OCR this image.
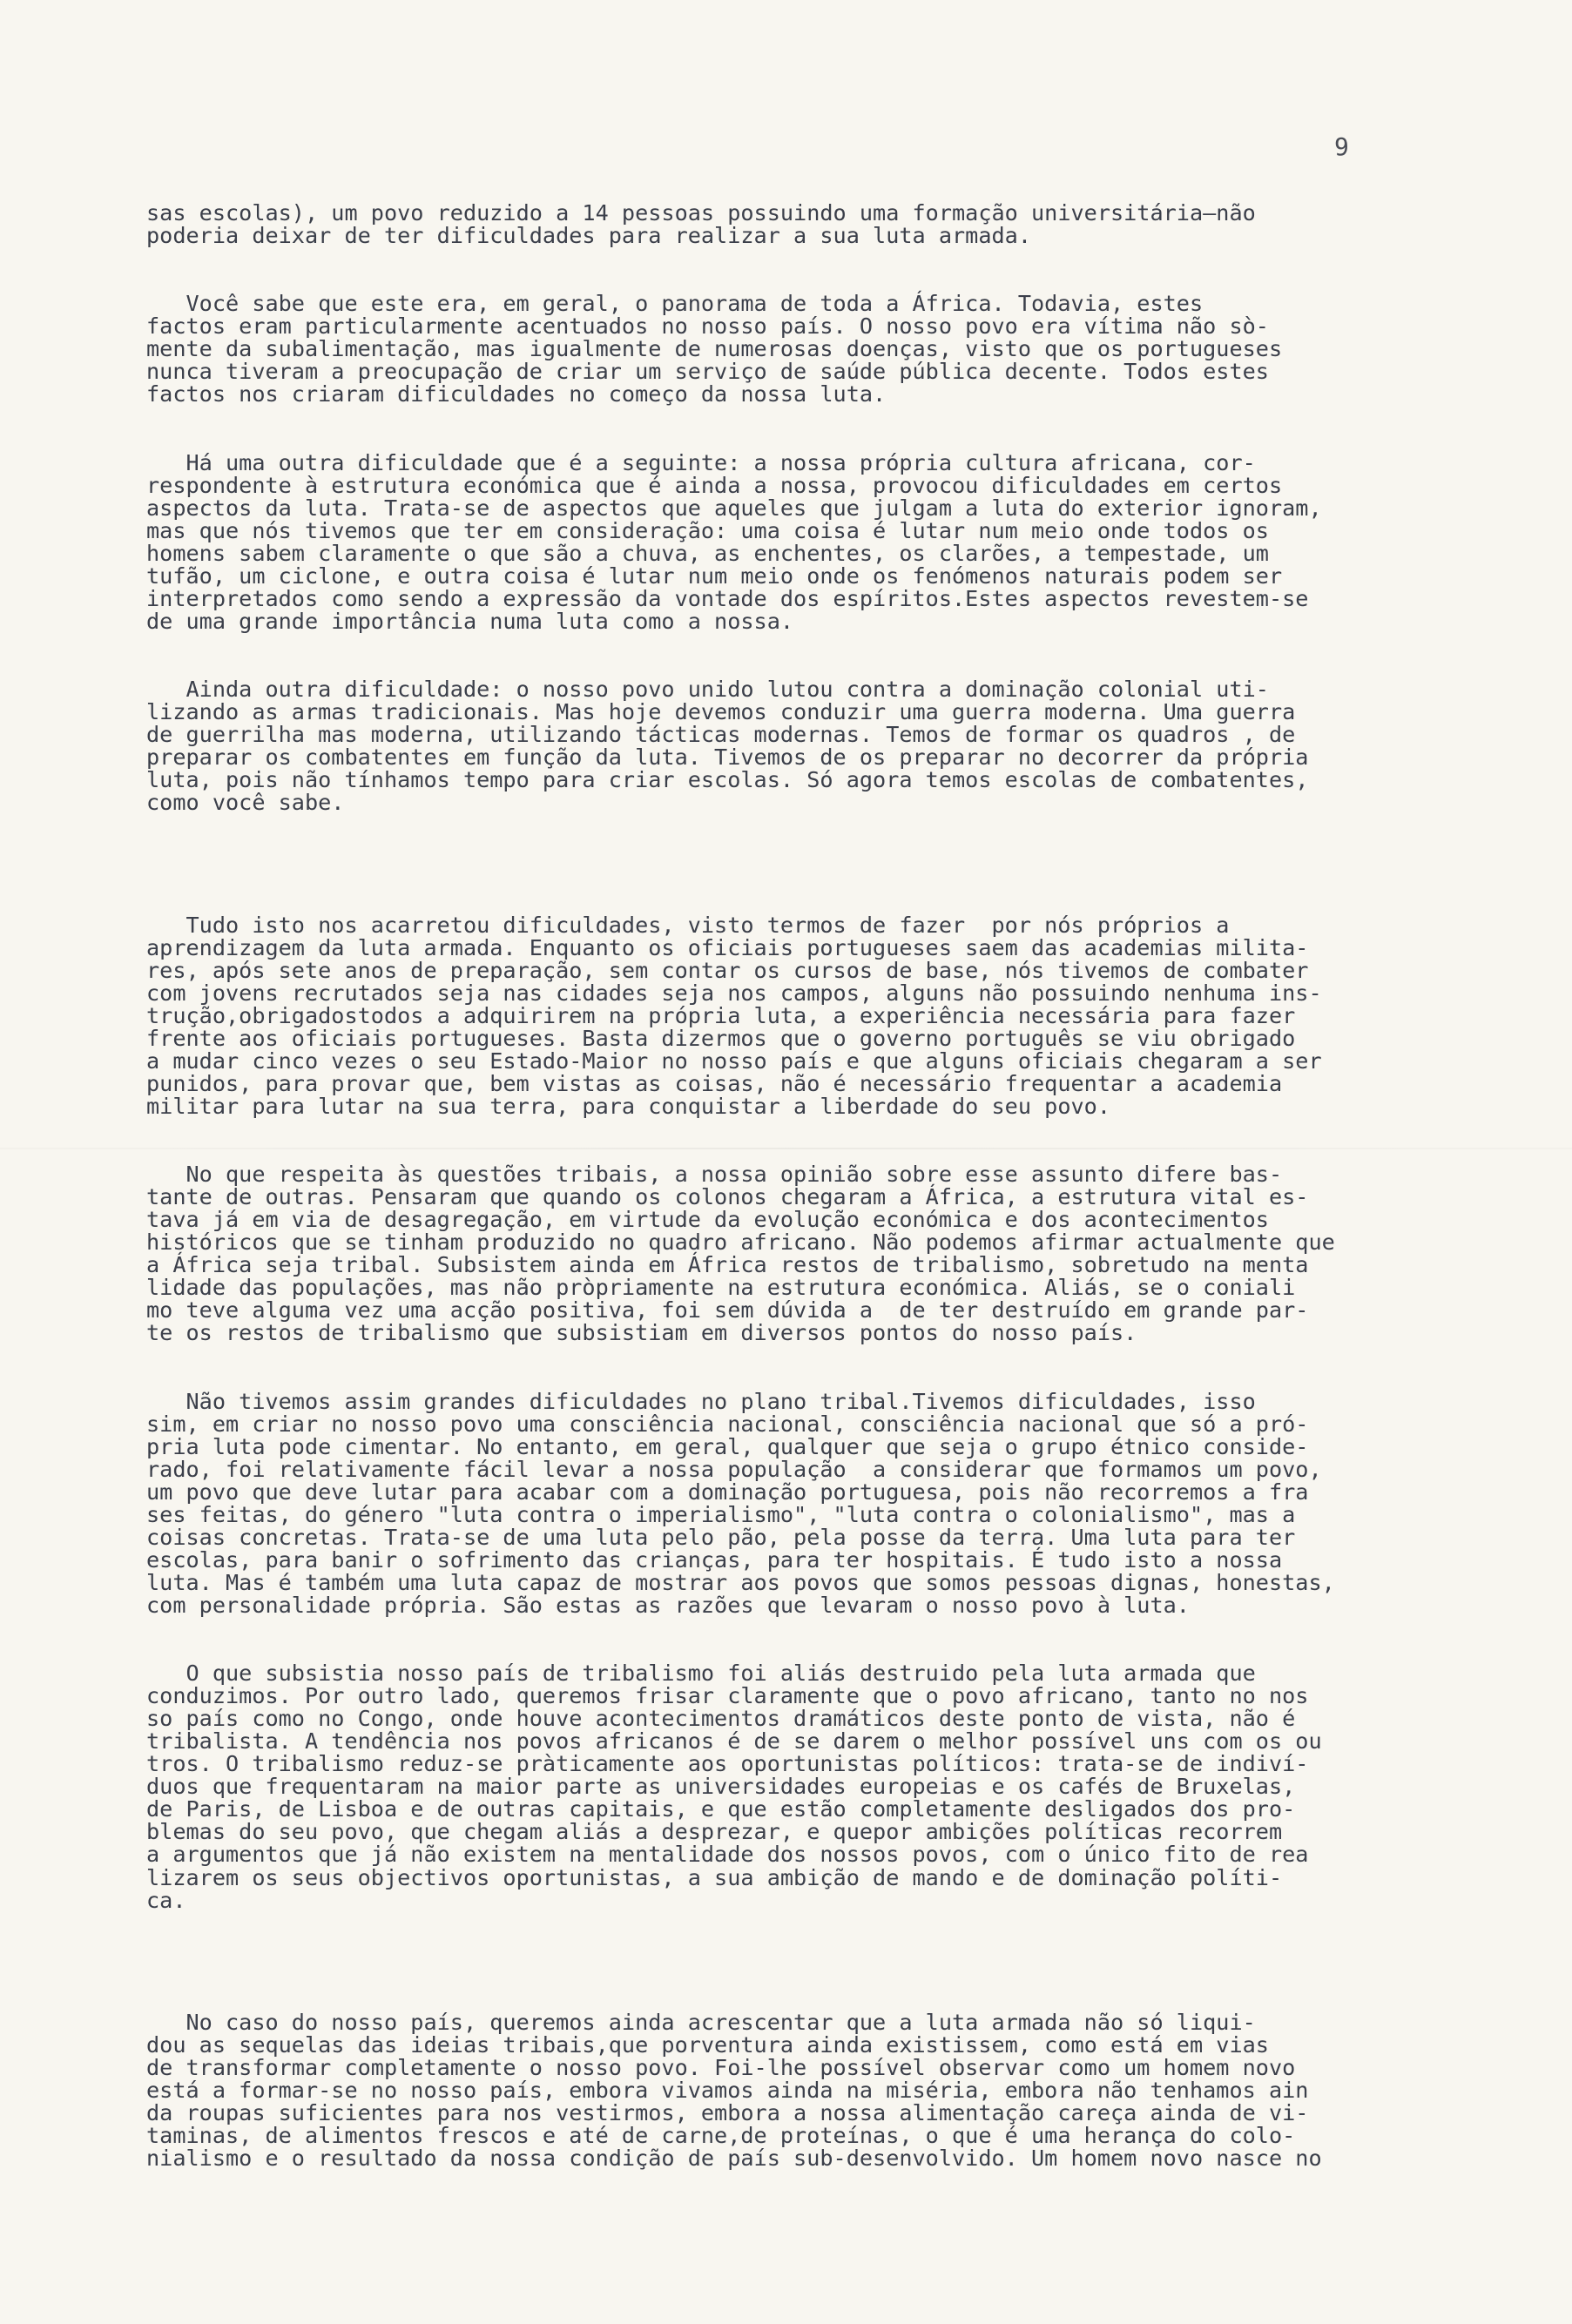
9

sas escolas), um povo reduzido a 14 pessoas possuindo uma formação universitária—não
poderia deixar de ter dificuldades para realizar a sua luta armada.

Você sabe que este era, em geral, o panorama de toda a África. Todavia, estes
factos eram particularmente acentuados no nosso país. O nosso povo era vítima não sò-
mente da subalimentação, mas igualmente de numerosas doenças, visto que os portugueses
nunca tiveram a preocupação de criar um serviço de saúde pública decente. Todos estes
factos nos criaram dificuldades no começo da nossa luta.

Há uma outra dificuldade que é a seguinte: a nossa própria cultura africana, cor-
respondente à estrutura económica que é ainda a nossa, provocou dificuldades em certos
aspectos da luta. Trata-se de aspectos que aqueles que julgam a luta do exterior ignoram,
mas que nós tivemos que ter em consideração: uma coisa é lutar num meio onde todos os
homens sabem claramente o que são a chuva, as enchentes, os clarões, a tempestade, um
tufão, um ciclone, e outra coisa é lutar num meio onde os fenómenos naturais podem ser
interpretados como sendo a expressão da vontade dos espíritos.Estes aspectos revestem-se
de uma grande importância numa luta como a nossa.

Ainda outra dificuldade: o nosso povo unido lutou contra a dominação colonial uti-
lizando as armas tradicionais. Mas hoje devemos conduzir uma guerra moderna. Uma guerra
de guerrilha mas moderna, utilizando tácticas modernas. Temos de formar os quadros , de
preparar os combatentes em função da luta. Tivemos de os preparar no decorrer da própria
luta, pois não tínhamos tempo para criar escolas. Só agora temos escolas de combatentes,
como você sabe.

Tudo isto nos acarretou dificuldades, visto termos de fazer  por nós próprios a
aprendizagem da luta armada. Enquanto os oficiais portugueses saem das academias milita-
res, após sete anos de preparação, sem contar os cursos de base, nós tivemos de combater
com jovens recrutados seja nas cidades seja nos campos, alguns não possuindo nenhuma ins-
trução,obrigadostodos a adquirirem na própria luta, a experiência necessária para fazer
frente aos oficiais portugueses. Basta dizermos que o governo português se viu obrigado
a mudar cinco vezes o seu Estado-Maior no nosso país e que alguns oficiais chegaram a ser
punidos, para provar que, bem vistas as coisas, não é necessário frequentar a academia
militar para lutar na sua terra, para conquistar a liberdade do seu povo.

No que respeita às questões tribais, a nossa opinião sobre esse assunto difere bas-
tante de outras. Pensaram que quando os colonos chegaram a África, a estrutura vital es-
tava já em via de desagregação, em virtude da evolução económica e dos acontecimentos
históricos que se tinham produzido no quadro africano. Não podemos afirmar actualmente que
a África seja tribal. Subsistem ainda em África restos de tribalismo, sobretudo na menta
lidade das populações, mas não pròpriamente na estrutura económica. Aliás, se o coniali
mo teve alguma vez uma acção positiva, foi sem dúvida a  de ter destruído em grande par-
te os restos de tribalismo que subsistiam em diversos pontos do nosso país.

Não tivemos assim grandes dificuldades no plano tribal.Tivemos dificuldades, isso
sim, em criar no nosso povo uma consciência nacional, consciência nacional que só a pró-
pria luta pode cimentar. No entanto, em geral, qualquer que seja o grupo étnico conside-
rado, foi relativamente fácil levar a nossa população  a considerar que formamos um povo,
um povo que deve lutar para acabar com a dominação portuguesa, pois não recorremos a fra
ses feitas, do género "luta contra o imperialismo", "luta contra o colonialismo", mas a
coisas concretas. Trata-se de uma luta pelo pão, pela posse da terra. Uma luta para ter
escolas, para banir o sofrimento das crianças, para ter hospitais. É tudo isto a nossa
luta. Mas é também uma luta capaz de mostrar aos povos que somos pessoas dignas, honestas,
com personalidade própria. São estas as razões que levaram o nosso povo à luta.

O que subsistia nosso país de tribalismo foi aliás destruido pela luta armada que
conduzimos. Por outro lado, queremos frisar claramente que o povo africano, tanto no nos
so país como no Congo, onde houve acontecimentos dramáticos deste ponto de vista, não é
tribalista. A tendência nos povos africanos é de se darem o melhor possível uns com os ou
tros. O tribalismo reduz-se pràticamente aos oportunistas políticos: trata-se de indiví-
duos que frequentaram na maior parte as universidades europeias e os cafés de Bruxelas,
de Paris, de Lisboa e de outras capitais, e que estão completamente desligados dos pro-
blemas do seu povo, que chegam aliás a desprezar, e quepor ambições políticas recorrem
a argumentos que já não existem na mentalidade dos nossos povos, com o único fito de rea
lizarem os seus objectivos oportunistas, a sua ambição de mando e de dominação políti-
ca.

No caso do nosso país, queremos ainda acrescentar que a luta armada não só liqui-
dou as sequelas das ideias tribais,que porventura ainda existissem, como está em vias
de transformar completamente o nosso povo. Foi-lhe possível observar como um homem novo
está a formar-se no nosso país, embora vivamos ainda na miséria, embora não tenhamos ain
da roupas suficientes para nos vestirmos, embora a nossa alimentação careça ainda de vi-
taminas, de alimentos frescos e até de carne,de proteínas, o que é uma herança do colo-
nialismo e o resultado da nossa condição de país sub-desenvolvido. Um homem novo nasce no
